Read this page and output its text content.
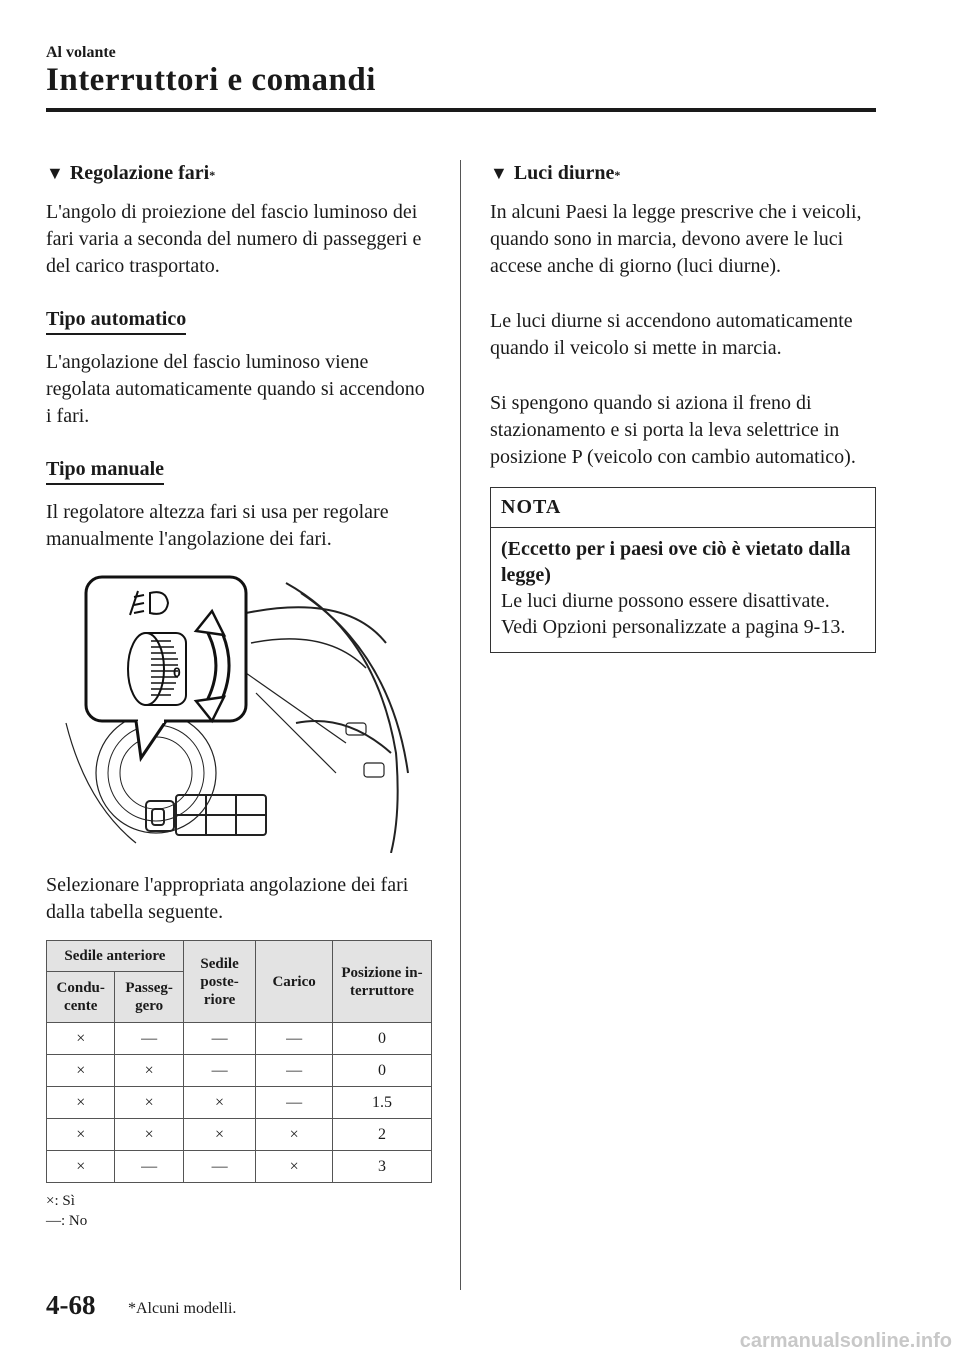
Al volante
Interruttori e comandi
▼ Regolazione fari *

L'angolo di proiezione del fascio luminoso dei fari varia a seconda del numero di passeggeri e del carico trasportato.

Tipo automatico

L'angolazione del fascio luminoso viene regolata automaticamente quando si accendono i fari.

Tipo manuale

Il regolatore altezza fari si usa per regolare manualmente l'angolazione dei fari.

0

Selezionare l'appropriata angolazione dei fari dalla tabella seguente.

Sedile anteriore		Sedile poste- riore	Carico	Posizione in- terruttore
Condu- cente	Passeg- gero			
×	—	—	—	0
×	×	—	—	0
×	×	×	—	1.5
×	×	×	×	2
×	—	—	×	3
×: Sì
—: No
▼ Luci diurne *

In alcuni Paesi la legge prescrive che i veicoli, quando sono in marcia, devono avere le luci accese anche di giorno (luci diurne).

Le luci diurne si accendono automaticamente quando il veicolo si mette in marcia.

Si spengono quando si aziona il freno di stazionamento e si porta la leva selettrice in posizione P (veicolo con cambio automatico).

NOTA
(Eccetto per i paesi ove ciò è vietato dalla legge)
Le luci diurne possono essere disattivate. Vedi Opzioni personalizzate a pagina 9-13.
4-68 *Alcuni modelli.
carmanualsonline.info
